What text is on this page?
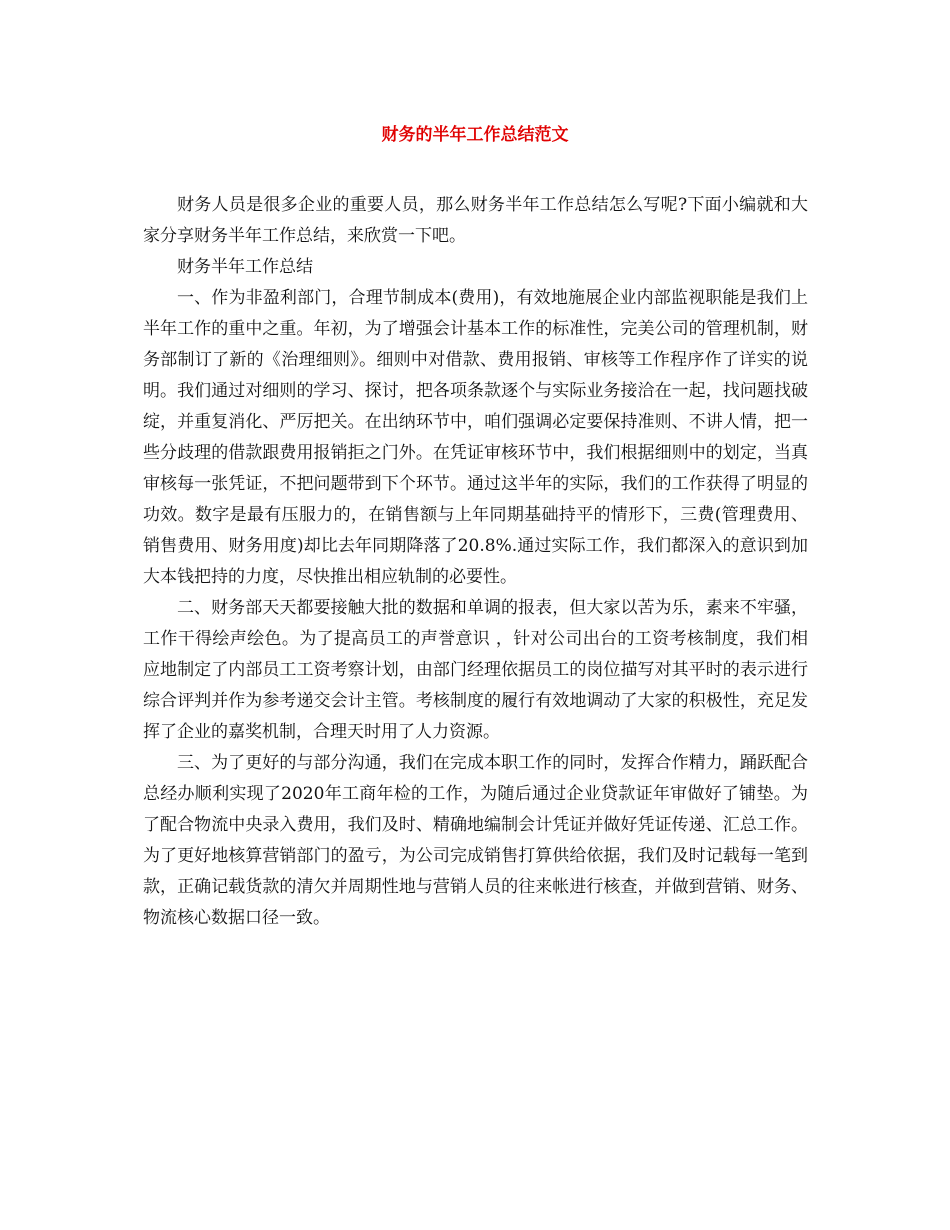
财务的半年工作总结范文

财务人员是很多企业的重要人员，那么财务半年工作总结怎么写呢?下面小编就和大家分享财务半年工作总结，来欣赏一下吧。

财务半年工作总结

一、作为非盈利部门，合理节制成本(费用)，有效地施展企业内部监视职能是我们上半年工作的重中之重。年初，为了增强会计基本工作的标准性，完美公司的管理机制，财务部制订了新的《治理细则》。细则中对借款、费用报销、审核等工作程序作了详实的说明。我们通过对细则的学习、探讨，把各项条款逐个与实际业务接洽在一起，找问题找破绽，并重复消化、严厉把关。在出纳环节中，咱们强调必定要保持准则、不讲人情，把一些分歧理的借款跟费用报销拒之门外。在凭证审核环节中，我们根据细则中的划定，当真审核每一张凭证，不把问题带到下个环节。通过这半年的实际，我们的工作获得了明显的功效。数字是最有压服力的，在销售额与上年同期基础持平的情形下，三费(管理费用、销售费用、财务用度)却比去年同期降落了20.8%.通过实际工作，我们都深入的意识到加大本钱把持的力度，尽快推出相应轨制的必要性。

二、财务部天天都要接触大批的数据和单调的报表，但大家以苦为乐，素来不牢骚，工作干得绘声绘色。为了提高员工的声誉意识 ，针对公司出台的工资考核制度，我们相应地制定了内部员工工资考察计划，由部门经理依据员工的岗位描写对其平时的表示进行综合评判并作为参考递交会计主管。考核制度的履行有效地调动了大家的积极性，充足发挥了企业的嘉奖机制，合理天时用了人力资源。

三、为了更好的与部分沟通，我们在完成本职工作的同时，发挥合作精力，踊跃配合总经办顺利实现了2020年工商年检的工作，为随后通过企业贷款证年审做好了铺垫。为了配合物流中央录入费用，我们及时、精确地编制会计凭证并做好凭证传递、汇总工作。为了更好地核算营销部门的盈亏，为公司完成销售打算供给依据，我们及时记载每一笔到款，正确记载货款的清欠并周期性地与营销人员的往来帐进行核查，并做到营销、财务、物流核心数据口径一致。
